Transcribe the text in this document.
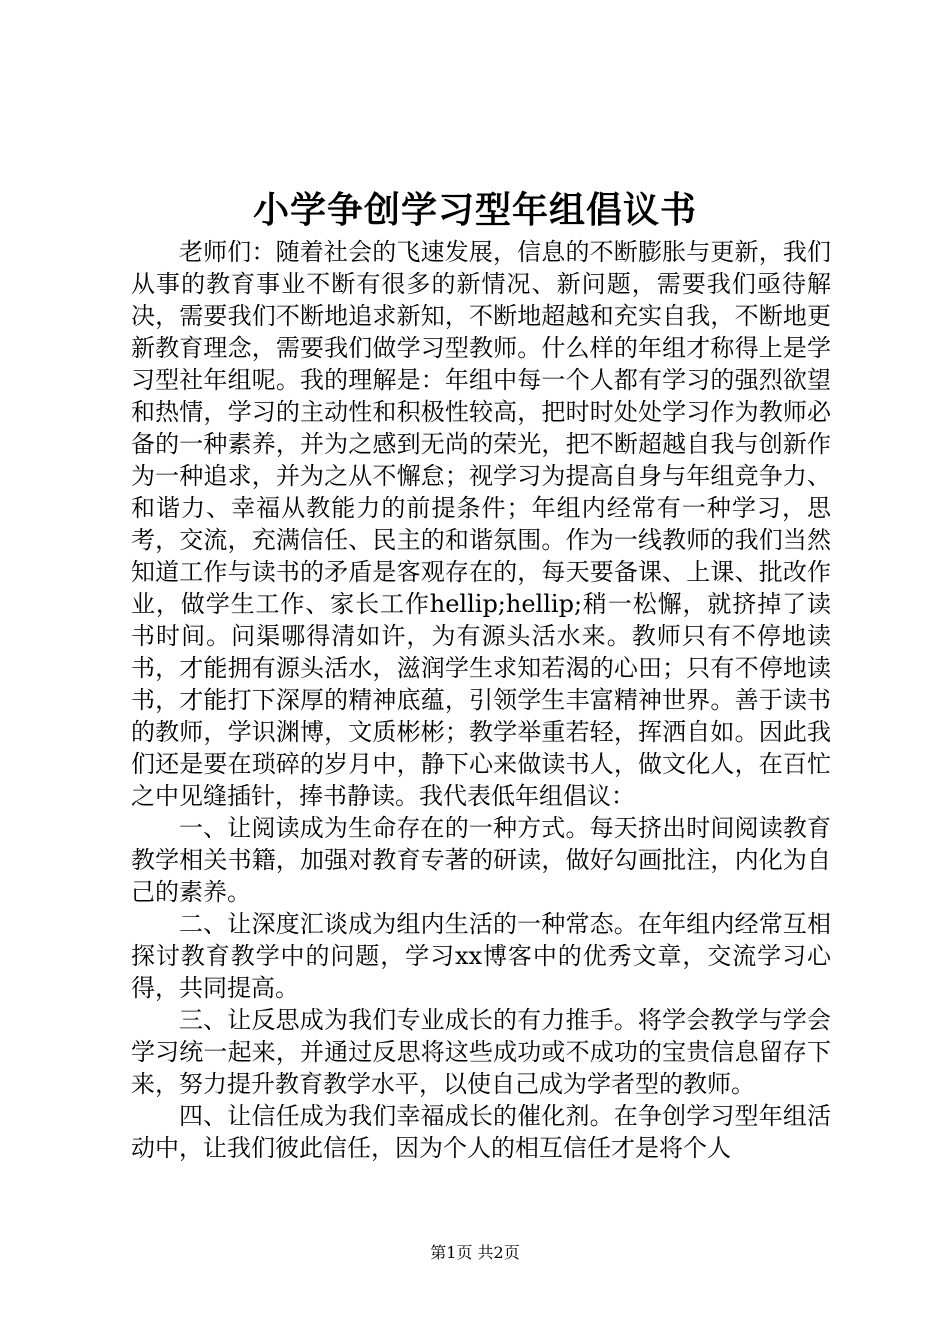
小学争创学习型年组倡议书

老师们：随着社会的飞速发展，信息的不断膨胀与更新，我们从事的教育事业不断有很多的新情况、新问题，需要我们亟待解决，需要我们不断地追求新知，不断地超越和充实自我，不断地更新教育理念，需要我们做学习型教师。什么样的年组才称得上是学习型社年组呢。我的理解是：年组中每一个人都有学习的强烈欲望和热情，学习的主动性和积极性较高，把时时处处学习作为教师必备的一种素养，并为之感到无尚的荣光，把不断超越自我与创新作为一种追求，并为之从不懈怠；视学习为提高自身与年组竞争力、和谐力、幸福从教能力的前提条件；年组内经常有一种学习，思考，交流，充满信任、民主的和谐氛围。作为一线教师的我们当然知道工作与读书的矛盾是客观存在的，每天要备课、上课、批改作业，做学生工作、家长工作hellip;hellip;稍一松懈，就挤掉了读书时间。问渠哪得清如许，为有源头活水来。教师只有不停地读书，才能拥有源头活水，滋润学生求知若渴的心田；只有不停地读书，才能打下深厚的精神底蕴，引领学生丰富精神世界。善于读书的教师，学识渊博，文质彬彬；教学举重若轻，挥洒自如。因此我们还是要在琐碎的岁月中，静下心来做读书人，做文化人，在百忙之中见缝插针，捧书静读。我代表低年组倡议：

一、让阅读成为生命存在的一种方式。每天挤出时间阅读教育教学相关书籍，加强对教育专著的研读，做好勾画批注，内化为自己的素养。

二、让深度汇谈成为组内生活的一种常态。在年组内经常互相探讨教育教学中的问题，学习xx博客中的优秀文章，交流学习心得，共同提高。

三、让反思成为我们专业成长的有力推手。将学会教学与学会学习统一起来，并通过反思将这些成功或不成功的宝贵信息留存下来，努力提升教育教学水平，以使自己成为学者型的教师。

四、让信任成为我们幸福成长的催化剂。在争创学习型年组活动中，让我们彼此信任，因为个人的相互信任才是将个人

第1页 共2页
